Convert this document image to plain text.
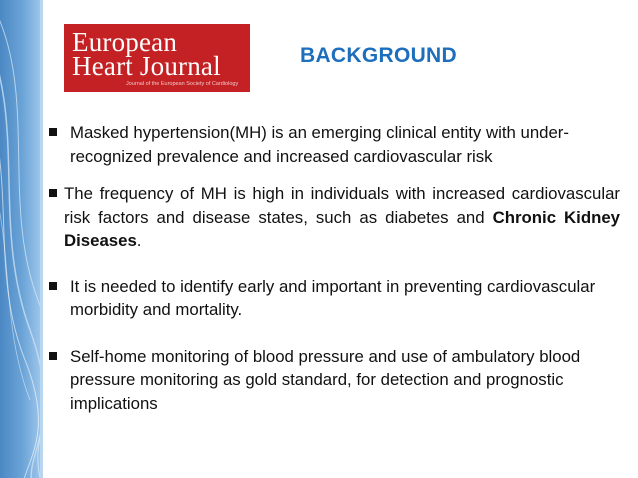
European
Heart Journal
Journal of the European Society of Cardiology
BACKGROUND
Masked hypertension(MH) is an emerging clinical entity with under-recognized prevalence and increased cardiovascular risk
The frequency of MH is high in individuals with increased cardiovascular risk factors and disease states, such as diabetes and Chronic Kidney Diseases.
It is needed to identify early and important in preventing cardiovascular morbidity and mortality.
Self-home monitoring of blood pressure and use of ambulatory blood pressure monitoring as gold standard, for detection and prognostic implications
